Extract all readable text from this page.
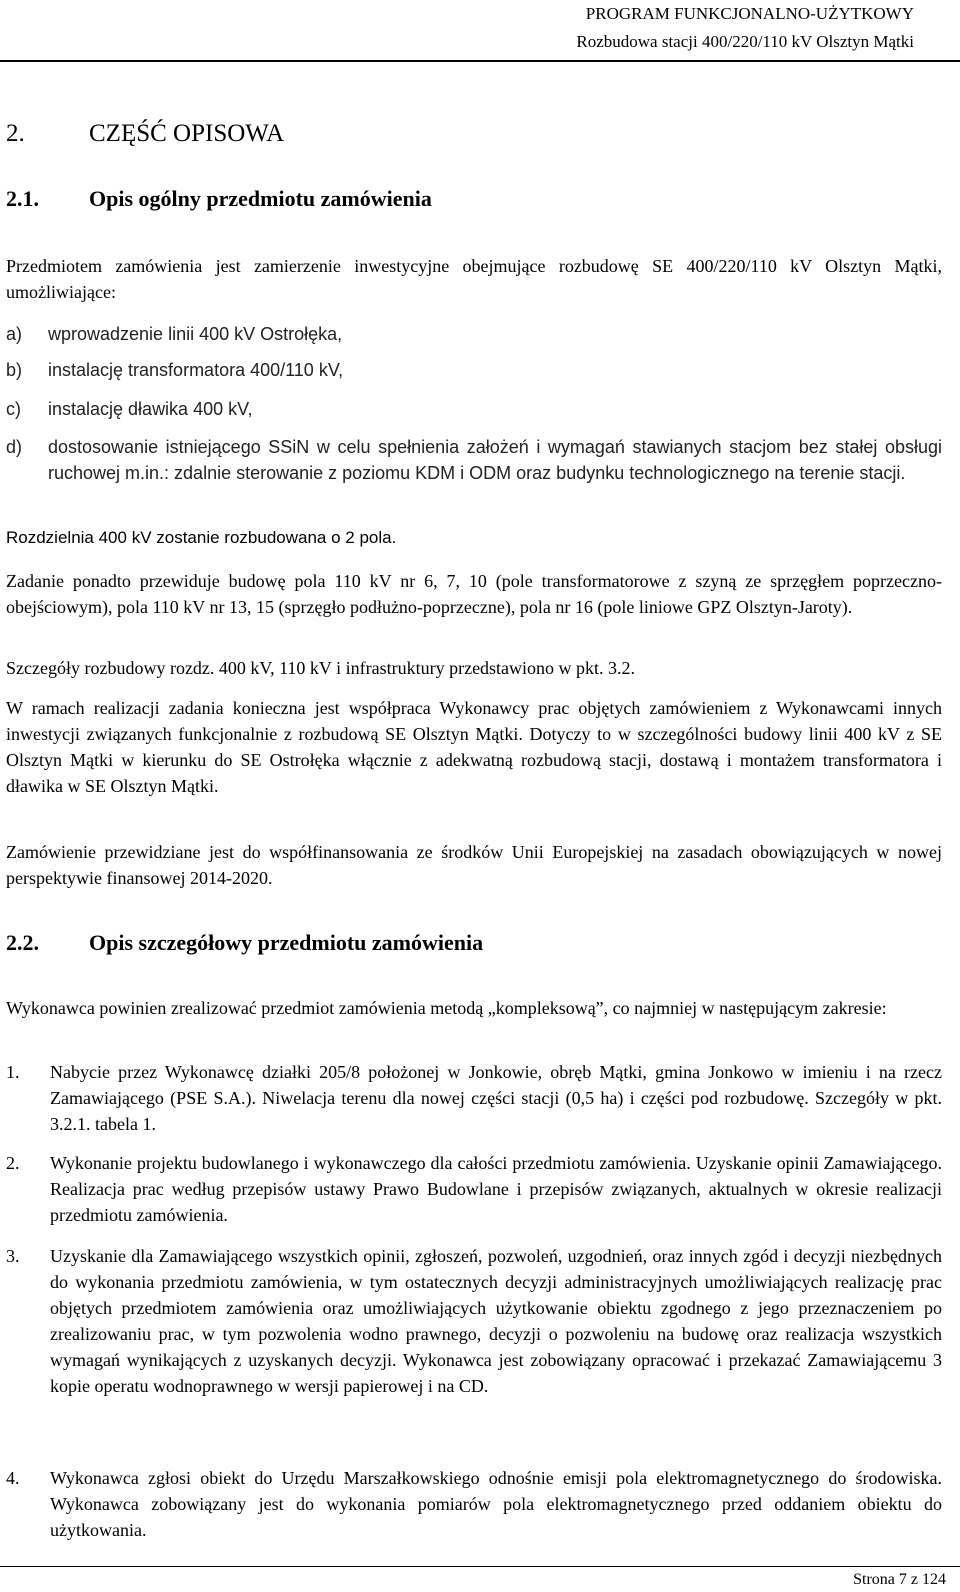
PROGRAM FUNKCJONALNO-UŻYTKOWY
Rozbudowa stacji 400/220/110 kV Olsztyn Mątki
2.	CZĘŚĆ OPISOWA
2.1. Opis ogólny przedmiotu zamówienia

Przedmiotem zamówienia jest zamierzenie inwestycyjne obejmujące rozbudowę SE 400/220/110 kV Olsztyn Mątki, umożliwiające:

a) wprowadzenie linii 400 kV Ostrołęka,
b) instalację transformatora 400/110 kV,
c) instalację dławika 400 kV,
d) dostosowanie istniejącego SSiN w celu spełnienia założeń i wymagań stawianych stacjom bez stałej obsługi ruchowej m.in.: zdalnie sterowanie z poziomu KDM i ODM oraz budynku technologicznego na terenie stacji.

Rozdzielnia 400 kV zostanie rozbudowana o 2 pola.

Zadanie ponadto przewiduje budowę pola 110 kV nr 6, 7, 10 (pole transformatorowe z szyną ze sprzęgłem poprzeczno-obejściowym), pola 110 kV nr 13, 15 (sprzęgło podłużno-poprzeczne), pola nr 16 (pole liniowe GPZ Olsztyn-Jaroty).

Szczegóły rozbudowy rozdz. 400 kV, 110 kV i infrastruktury przedstawiono w pkt. 3.2.

W ramach realizacji zadania konieczna jest współpraca Wykonawcy prac objętych zamówieniem z Wykonawcami innych inwestycji związanych funkcjonalnie z rozbudową SE Olsztyn Mątki. Dotyczy to w szczególności budowy linii 400 kV z SE Olsztyn Mątki w kierunku do SE Ostrołęka włącznie z adekwatną rozbudową stacji, dostawą i montażem transformatora i dławika w SE Olsztyn Mątki.

Zamówienie przewidziane jest do współfinansowania ze środków Unii Europejskiej na zasadach obowiązujących w nowej perspektywie finansowej 2014-2020.

2.2. Opis szczegółowy przedmiotu zamówienia

Wykonawca powinien zrealizować przedmiot zamówienia metodą „kompleksową”, co najmniej w następującym zakresie:

1. Nabycie przez Wykonawcę działki 205/8 położonej w Jonkowie, obręb Mątki, gmina Jonkowo w imieniu i na rzecz Zamawiającego (PSE S.A.). Niwelacja terenu dla nowej części stacji (0,5 ha) i części pod rozbudowę. Szczegóły w pkt. 3.2.1. tabela 1.
2. Wykonanie projektu budowlanego i wykonawczego dla całości przedmiotu zamówienia. Uzyskanie opinii Zamawiającego. Realizacja prac według przepisów ustawy Prawo Budowlane i przepisów związanych, aktualnych w okresie realizacji przedmiotu zamówienia.
3. Uzyskanie dla Zamawiającego wszystkich opinii, zgłoszeń, pozwoleń, uzgodnień, oraz innych zgód i decyzji niezbędnych do wykonania przedmiotu zamówienia, w tym ostatecznych decyzji administracyjnych umożliwiających realizację prac objętych przedmiotem zamówienia oraz umożliwiających użytkowanie obiektu zgodnego z jego przeznaczeniem po zrealizowaniu prac, w tym pozwolenia wodno prawnego, decyzji o pozwoleniu na budowę oraz realizacja wszystkich wymagań wynikających z uzyskanych decyzji. Wykonawca jest zobowiązany opracować i przekazać Zamawiającemu 3 kopie operatu wodnoprawnego w wersji papierowej i na CD.
4. Wykonawca zgłosi obiekt do Urzędu Marszałkowskiego odnośnie emisji pola elektromagnetycznego do środowiska. Wykonawca zobowiązany jest do wykonania pomiarów pola elektromagnetycznego przed oddaniem obiektu do użytkowania.
Strona 7 z 124
